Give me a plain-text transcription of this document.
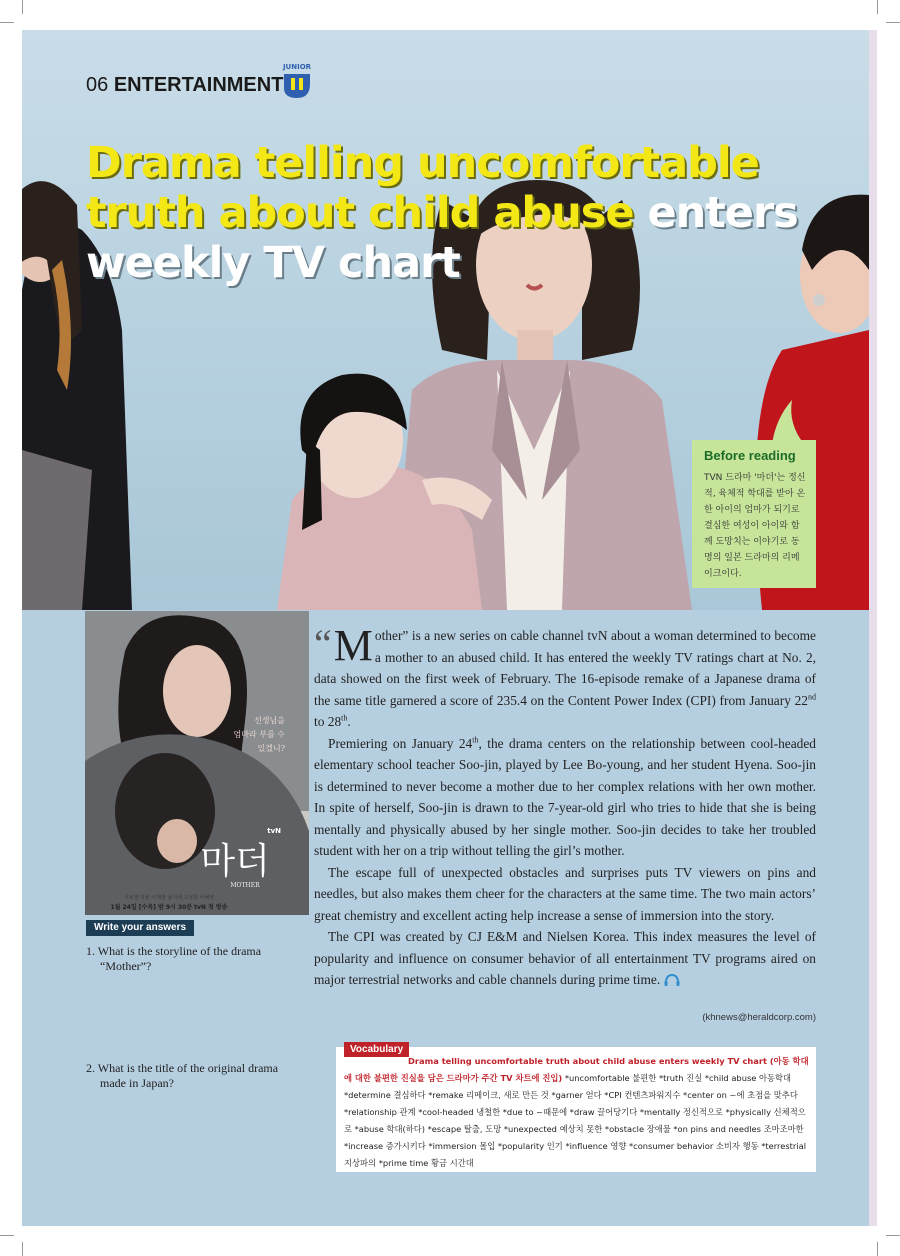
06 ENTERTAINMENT
JUNIOR
Drama telling uncomfortable truth about child abuse enters
weekly TV chart
Before reading
TVN 드라마 '마더'는 정신적, 육체적 학대를 받아 온 한 아이의 엄마가 되기로 결심한 여성이 아이와 함께 도망치는 이야기로 동명의 일본 드라마의 리메이크이다.
선생님을
엄마라 부를 수
있겠니?
tvN
마더
MOTHER
이보영 허율 이재영 남기애 고성희 이혜영
1월 24일 [수목] 밤 9시 30분 tvN 첫 방송
Write your answers
1. What is the storyline of the drama “Mother”?
2. What is the title of the original drama made in Japan?

“ M other” is a new series on cable channel tvN about a woman determined to become a mother to an abused child. It has entered the weekly TV ratings chart at No. 2, data showed on the first week of February. The 16-episode remake of a Japanese drama of the same title garnered a score of 235.4 on the Content Power Index (CPI) from January 22nd to 28th.

Premiering on January 24th, the drama centers on the relationship between cool-headed elementary school teacher Soo-jin, played by Lee Bo-young, and her student Hyena. Soo-jin is determined to never become a mother due to her complex relations with her own mother. In spite of herself, Soo-jin is drawn to the 7-year-old girl who tries to hide that she is being mentally and physically abused by her single mother. Soo-jin decides to take her troubled student with her on a trip without telling the girl’s mother.

The escape full of unexpected obstacles and surprises puts TV viewers on pins and needles, but also makes them cheer for the characters at the same time. The two main actors’ great chemistry and excellent acting help increase a sense of immersion into the story.

The CPI was created by CJ E&M and Nielsen Korea. This index measures the level of popularity and influence on consumer behavior of all entertainment TV programs aired on major terrestrial networks and cable channels during prime time.

(khnews@heraldcorp.com)
Vocabulary
Drama telling uncomfortable truth about child abuse enters weekly TV chart (아동 학대에 대한 불편한 진실을 담은 드라마가 주간 TV 차트에 진입) *uncomfortable 불편한 *truth 진실 *child abuse 아동학대 *determine 결심하다 *remake 리메이크, 새로 만든 것 *garner 얻다 *CPI 컨텐츠파워지수 *center on ~에 초점을 맞추다 *relationship 관계 *cool-headed 냉철한 *due to ~때문에 *draw 끌어당기다 *mentally 정신적으로 *physically 신체적으로 *abuse 학대(하다) *escape 탈출, 도망 *unexpected 예상치 못한 *obstacle 장애물 *on pins and needles 조마조마한 *increase 증가시키다 *immersion 몰입 *popularity 인기 *influence 영향 *consumer behavior 소비자 행동 *terrestrial 지상파의 *prime time 황금 시간대
